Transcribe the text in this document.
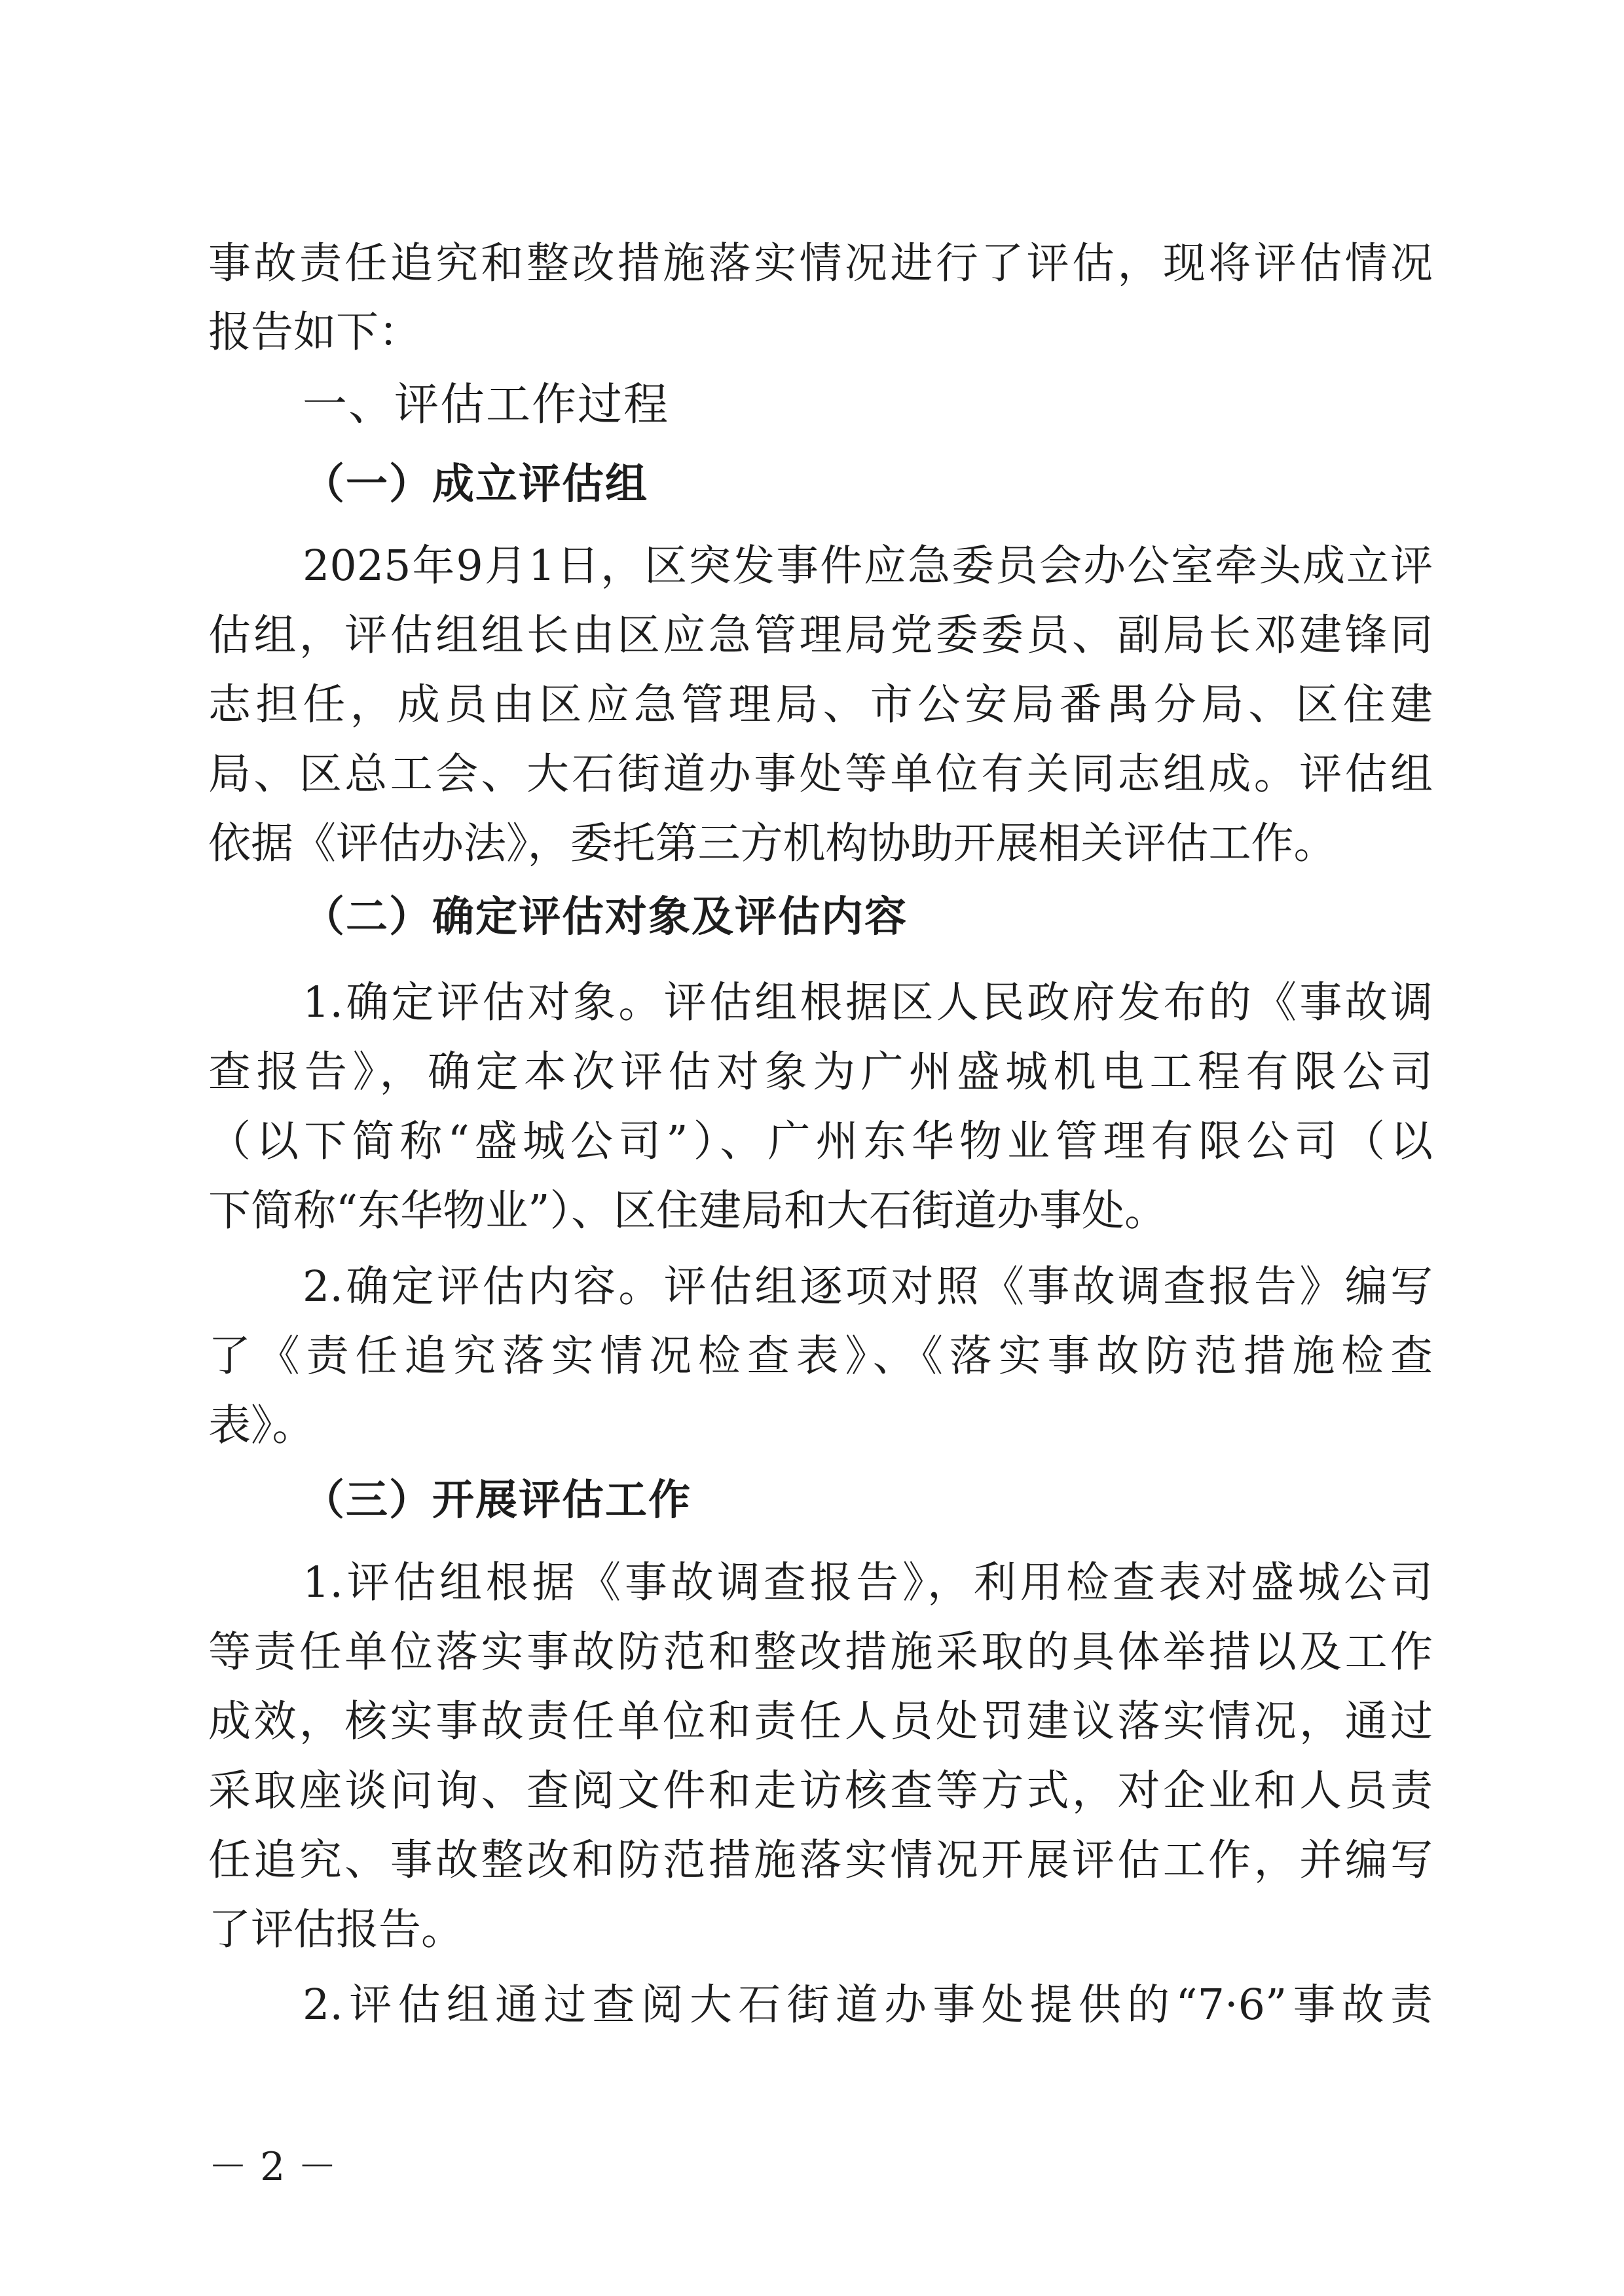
事故责任追究和整改措施落实情况进行了评估，现将评估情况
报告如下：
一、评估工作过程
（一）成立评估组
2025年9月1日，区突发事件应急委员会办公室牵头成立评
估组，评估组组长由区应急管理局党委委员、副局长邓建锋同
志担任，成员由区应急管理局、市公安局番禺分局、区住建
局、区总工会、大石街道办事处等单位有关同志组成。评估组
依据《评估办法》，委托第三方机构协助开展相关评估工作。
（二）确定评估对象及评估内容
1.确定评估对象。评估组根据区人民政府发布的《事故调
查报告》，确定本次评估对象为广州盛城机电工程有限公司
（以下简称“盛城公司”）、广州东华物业管理有限公司（以
下简称“东华物业”）、区住建局和大石街道办事处。
2.确定评估内容。评估组逐项对照《事故调查报告》编写
了《责任追究落实情况检查表》、《落实事故防范措施检查
表》。
（三）开展评估工作
1.评估组根据《事故调查报告》，利用检查表对盛城公司
等责任单位落实事故防范和整改措施采取的具体举措以及工作
成效，核实事故责任单位和责任人员处罚建议落实情况，通过
采取座谈问询、查阅文件和走访核查等方式，对企业和人员责
任追究、事故整改和防范措施落实情况开展评估工作，并编写
了评估报告。
2.评估组通过查阅大石街道办事处提供的“7·6”事故责
－ 2 －
